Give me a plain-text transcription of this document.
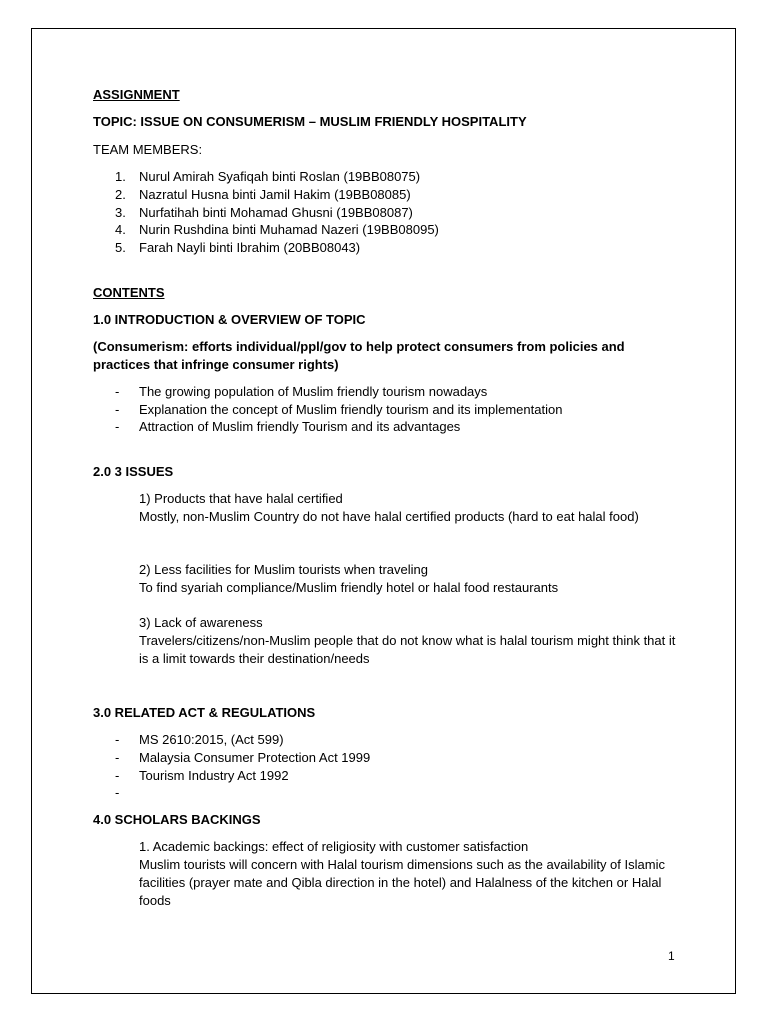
ASSIGNMENT
TOPIC: ISSUE ON CONSUMERISM – MUSLIM FRIENDLY HOSPITALITY
TEAM MEMBERS:
1. Nurul Amirah Syafiqah binti Roslan (19BB08075)
2. Nazratul Husna binti Jamil Hakim (19BB08085)
3. Nurfatihah binti Mohamad Ghusni (19BB08087)
4. Nurin Rushdina binti Muhamad Nazeri (19BB08095)
5. Farah Nayli binti Ibrahim (20BB08043)
CONTENTS
1.0 INTRODUCTION & OVERVIEW OF TOPIC
(Consumerism: efforts individual/ppl/gov to help protect consumers from policies and practices that infringe consumer rights)
- The growing population of Muslim friendly tourism nowadays
- Explanation the concept of Muslim friendly tourism and its implementation
- Attraction of Muslim friendly Tourism and its advantages
2.0 3 ISSUES
1) Products that have halal certified
Mostly, non-Muslim Country do not have halal certified products (hard to eat halal food)
2) Less facilities for Muslim tourists when traveling
To find syariah compliance/Muslim friendly hotel or halal food restaurants
3) Lack of awareness
Travelers/citizens/non-Muslim people that do not know what is halal tourism might think that it is a limit towards their destination/needs
3.0 RELATED ACT & REGULATIONS
- MS 2610:2015, (Act 599)
- Malaysia Consumer Protection Act 1999
- Tourism Industry Act 1992
-
4.0 SCHOLARS BACKINGS
1. Academic backings: effect of religiosity with customer satisfaction
Muslim tourists will concern with Halal tourism dimensions such as the availability of Islamic facilities (prayer mate and Qibla direction in the hotel) and Halalness of the kitchen or Halal foods
1
